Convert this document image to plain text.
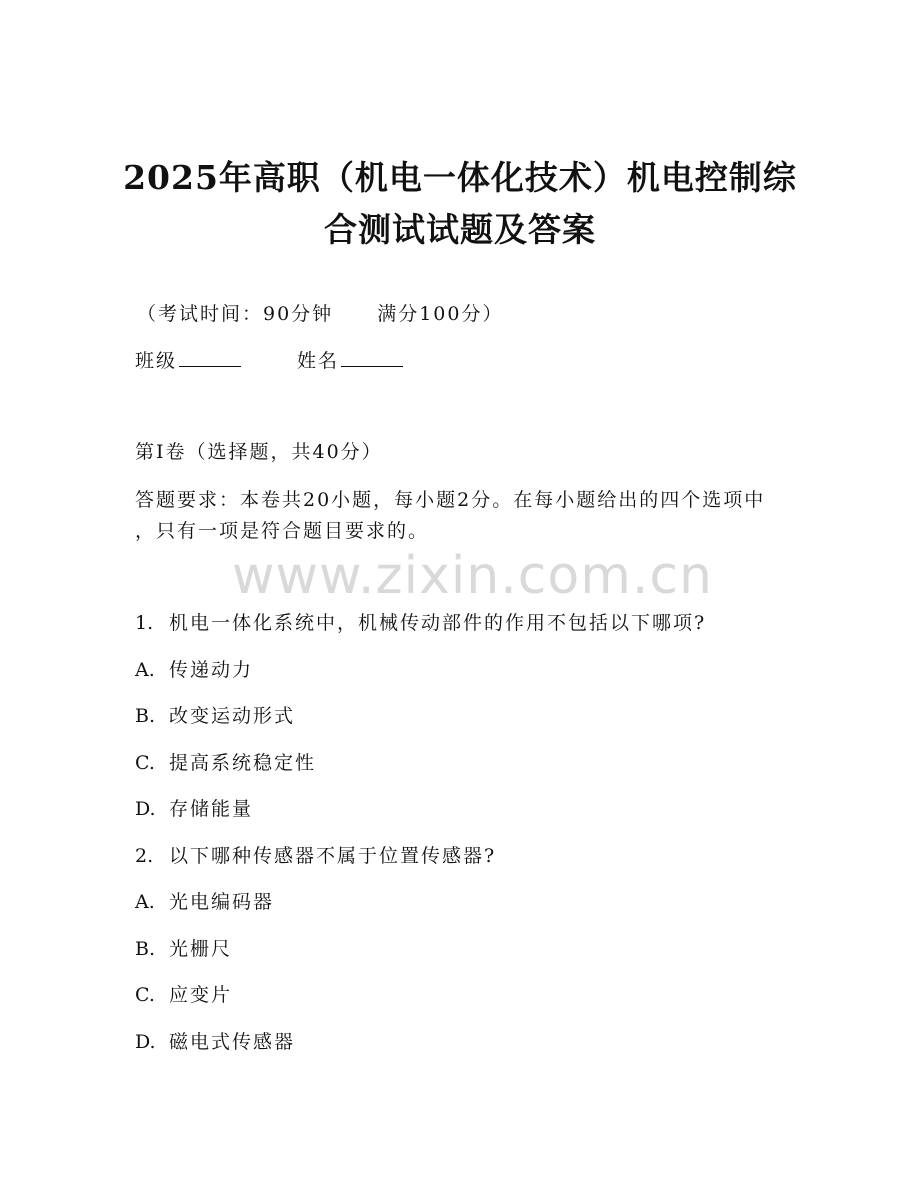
2025年高职（机电一体化技术）机电控制综
合测试试题及答案
（考试时间：90分钟 满分100分）
班级	姓名
第I卷（选择题，共40分）
答题要求：本卷共20小题，每小题2分。在每小题给出的四个选项中
，只有一项是符合题目要求的。
www.zixin.com.cn
1. 机电一体化系统中，机械传动部件的作用不包括以下哪项?
A. 传递动力
B. 改变运动形式
C. 提高系统稳定性
D. 存储能量
2. 以下哪种传感器不属于位置传感器?
A. 光电编码器
B. 光栅尺
C. 应变片
D. 磁电式传感器
